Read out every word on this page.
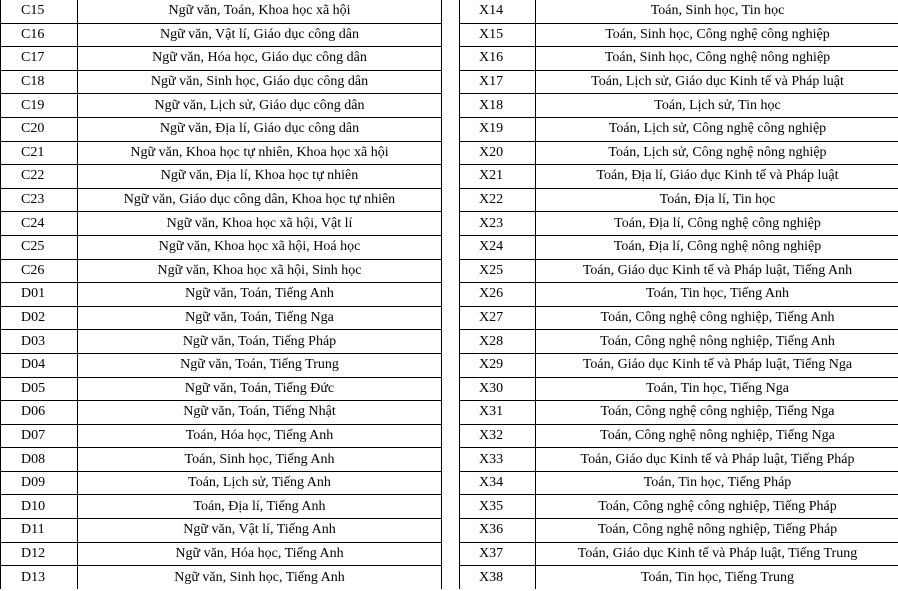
C15	Ngữ văn, Toán, Khoa học xã hội
C16	Ngữ văn, Vật lí, Giáo dục công dân
C17	Ngữ văn, Hóa học, Giáo dục công dân
C18	Ngữ văn, Sinh học, Giáo dục công dân
C19	Ngữ văn, Lịch sử, Giáo dục công dân
C20	Ngữ văn, Địa lí, Giáo dục công dân
C21	Ngữ văn, Khoa học tự nhiên, Khoa học xã hội
C22	Ngữ văn, Địa lí, Khoa học tự nhiên
C23	Ngữ văn, Giáo dục công dân, Khoa học tự nhiên
C24	Ngữ văn, Khoa học xã hội, Vật lí
C25	Ngữ văn, Khoa học xã hội, Hoá học
C26	Ngữ văn, Khoa học xã hội, Sinh học
D01	Ngữ văn, Toán, Tiếng Anh
D02	Ngữ văn, Toán, Tiếng Nga
D03	Ngữ văn, Toán, Tiếng Pháp
D04	Ngữ văn, Toán, Tiếng Trung
D05	Ngữ văn, Toán, Tiếng Đức
D06	Ngữ văn, Toán, Tiếng Nhật
D07	Toán, Hóa học, Tiếng Anh
D08	Toán, Sinh học, Tiếng Anh
D09	Toán, Lịch sử, Tiếng Anh
D10	Toán, Địa lí, Tiếng Anh
D11	Ngữ văn, Vật lí, Tiếng Anh
D12	Ngữ văn, Hóa học, Tiếng Anh
D13	Ngữ văn, Sinh học, Tiếng Anh
X14	Toán, Sinh học, Tin học
X15	Toán, Sinh học, Công nghệ công nghiệp
X16	Toán, Sinh học, Công nghệ nông nghiệp
X17	Toán, Lịch sử, Giáo dục Kinh tế và Pháp luật
X18	Toán, Lịch sử, Tin học
X19	Toán, Lịch sử, Công nghệ công nghiệp
X20	Toán, Lịch sử, Công nghệ nông nghiệp
X21	Toán, Địa lí, Giáo dục Kinh tế và Pháp luật
X22	Toán, Địa lí, Tin học
X23	Toán, Địa lí, Công nghệ công nghiệp
X24	Toán, Địa lí, Công nghệ nông nghiệp
X25	Toán, Giáo dục Kinh tế và Pháp luật, Tiếng Anh
X26	Toán, Tin học, Tiếng Anh
X27	Toán, Công nghệ công nghiệp, Tiếng Anh
X28	Toán, Công nghệ nông nghiệp, Tiếng Anh
X29	Toán, Giáo dục Kinh tế và Pháp luật, Tiếng Nga
X30	Toán, Tin học, Tiếng Nga
X31	Toán, Công nghệ công nghiệp, Tiếng Nga
X32	Toán, Công nghệ nông nghiệp, Tiếng Nga
X33	Toán, Giáo dục Kinh tế và Pháp luật, Tiếng Pháp
X34	Toán, Tin học, Tiếng Pháp
X35	Toán, Công nghệ công nghiệp, Tiếng Pháp
X36	Toán, Công nghệ nông nghiệp, Tiếng Pháp
X37	Toán, Giáo dục Kinh tế và Pháp luật, Tiếng Trung
X38	Toán, Tin học, Tiếng Trung
